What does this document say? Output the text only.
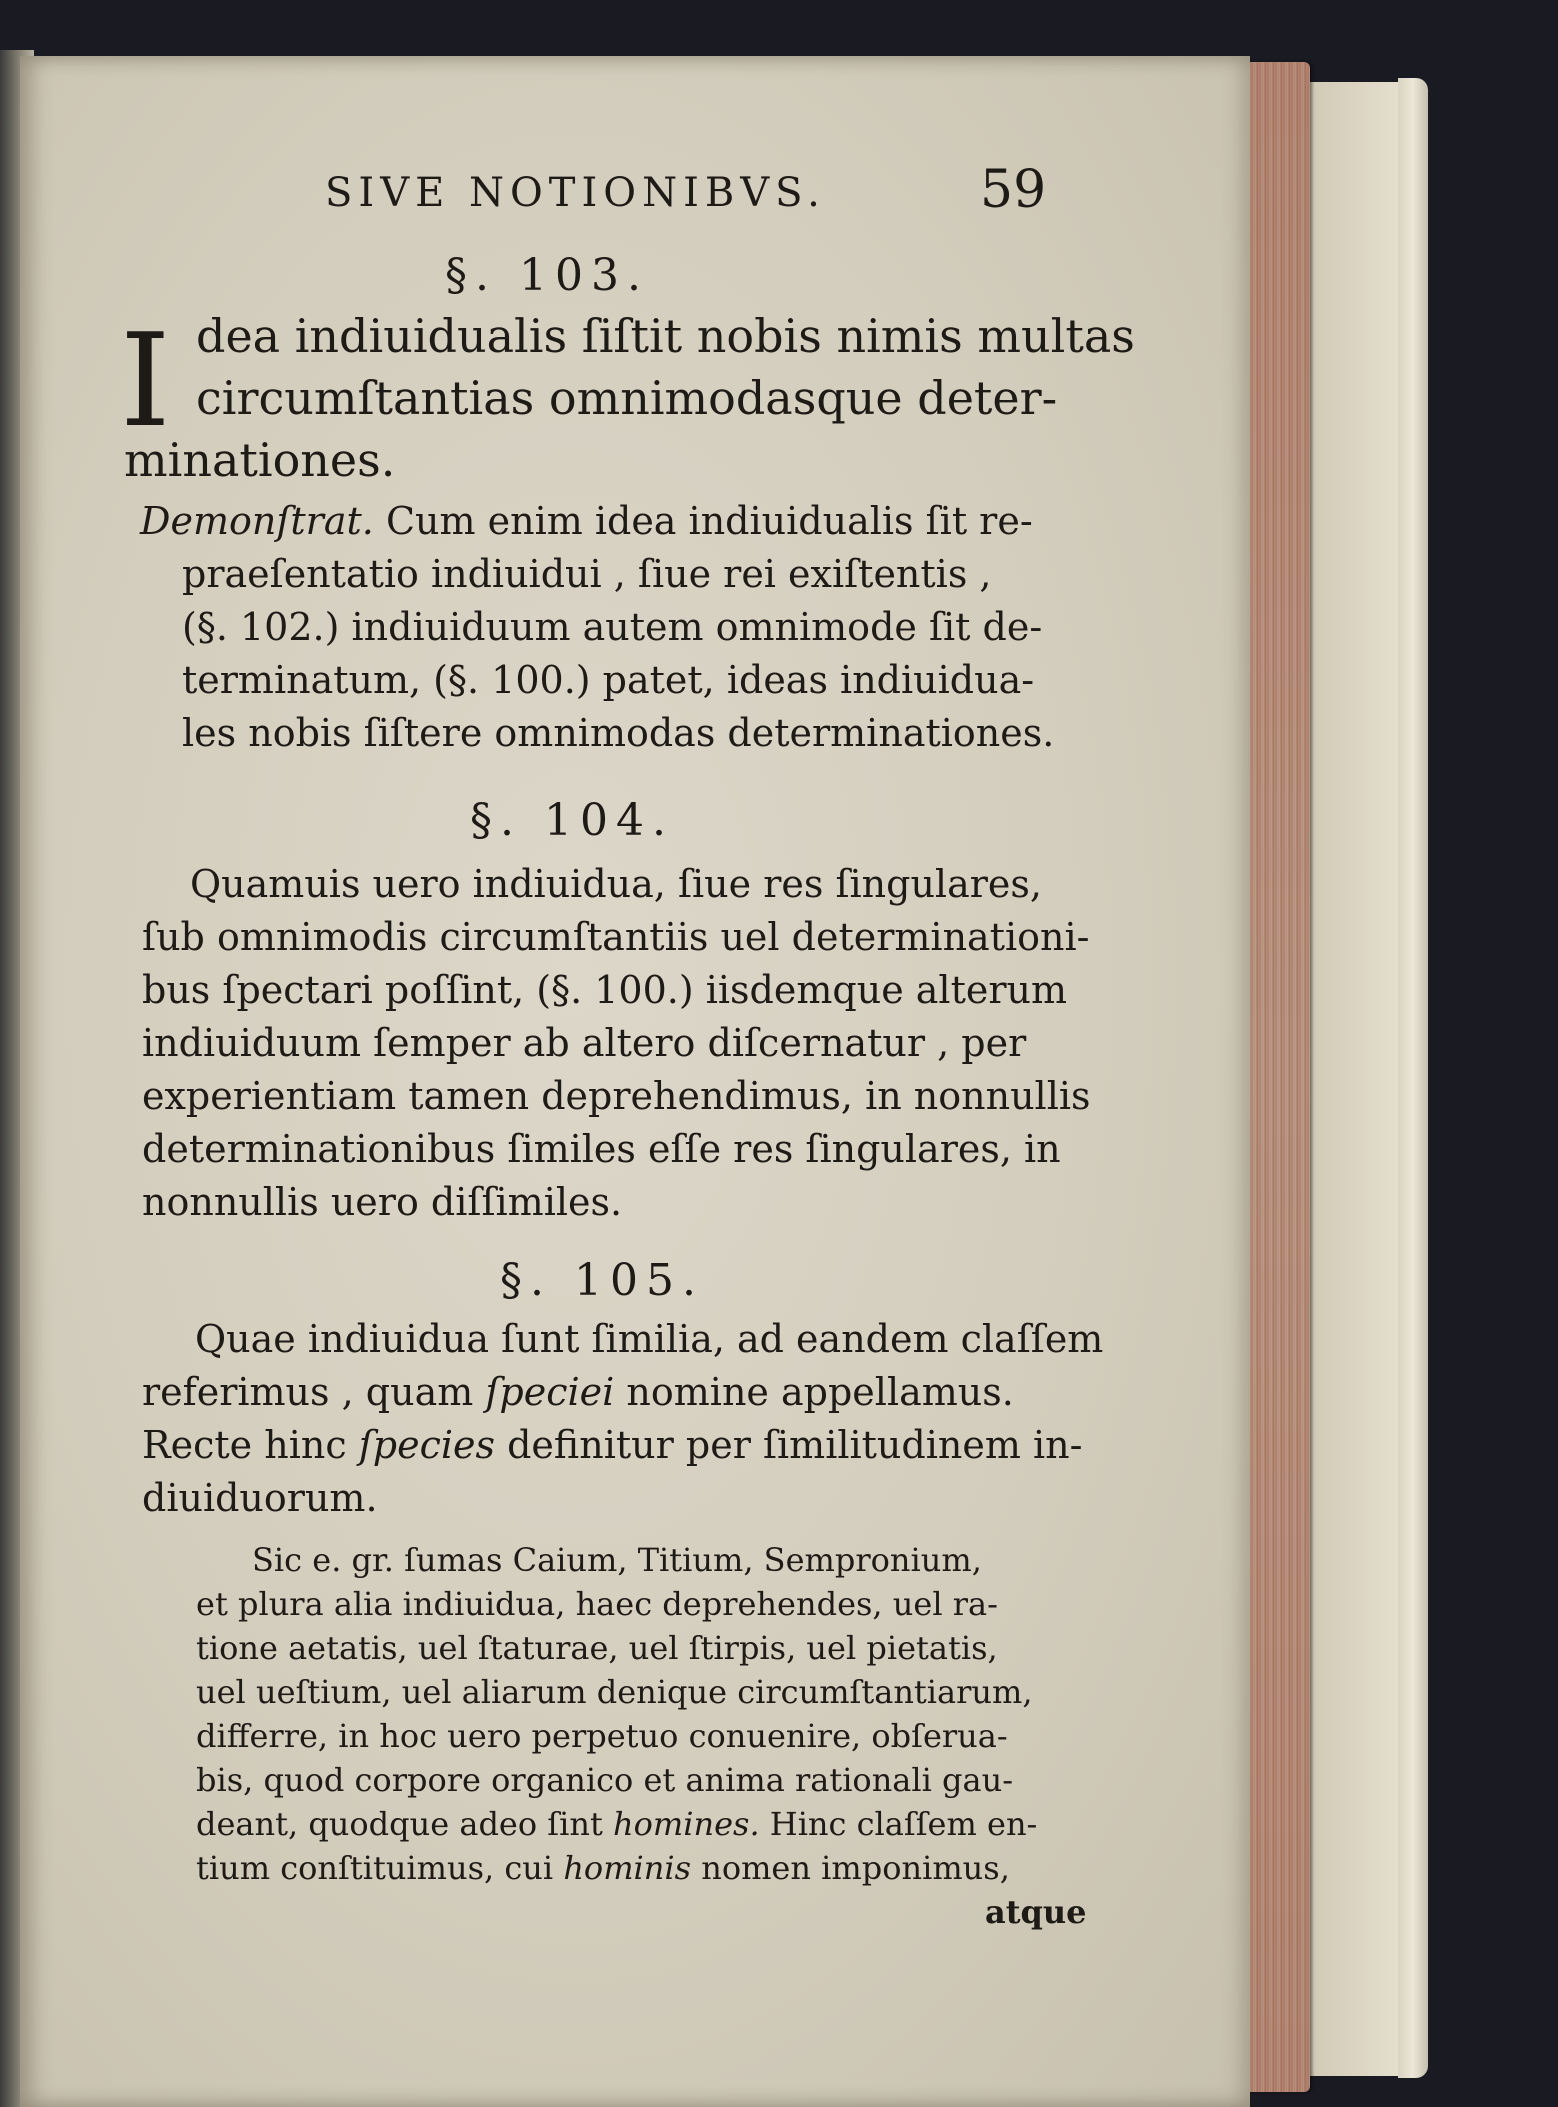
SIVE NOTIONIBVS.	59
§. 103.
I dea indiuidualis ſiſtit nobis nimis multas
circumſtantias omnimodasque deter-
minationes.
Demonſtrat. Cum enim idea indiuidualis ſit re-
praeſentatio indiuidui , ſiue rei exiſtentis ,
(§. 102.) indiuiduum autem omnimode ſit de-
terminatum, (§. 100.) patet, ideas indiuidua-
les nobis ſiſtere omnimodas determinationes.
§. 104.
Quamuis uero indiuidua, ſiue res ſingulares,
ſub omnimodis circumſtantiis uel determinationi-
bus ſpectari poſſint, (§. 100.) iisdemque alterum
indiuiduum ſemper ab altero diſcernatur , per
experientiam tamen deprehendimus, in nonnullis
determinationibus ſimiles eſſe res ſingulares, in
nonnullis uero diſſimiles.
§. 105.
Quae indiuidua ſunt ſimilia, ad eandem claſſem
referimus , quam ſpeciei nomine appellamus.
Recte hinc ſpecies definitur per ſimilitudinem in-
diuiduorum.
Sic e. gr. ſumas Caium, Titium, Sempronium,
et plura alia indiuidua, haec deprehendes, uel ra-
tione aetatis, uel ſtaturae, uel ſtirpis, uel pietatis,
uel ueſtium, uel aliarum denique circumſtantiarum,
differre, in hoc uero perpetuo conuenire, obſerua-
bis, quod corpore organico et anima rationali gau-
deant, quodque adeo ſint homines. Hinc claſſem en-
tium conſtituimus, cui hominis nomen imponimus,
atque
